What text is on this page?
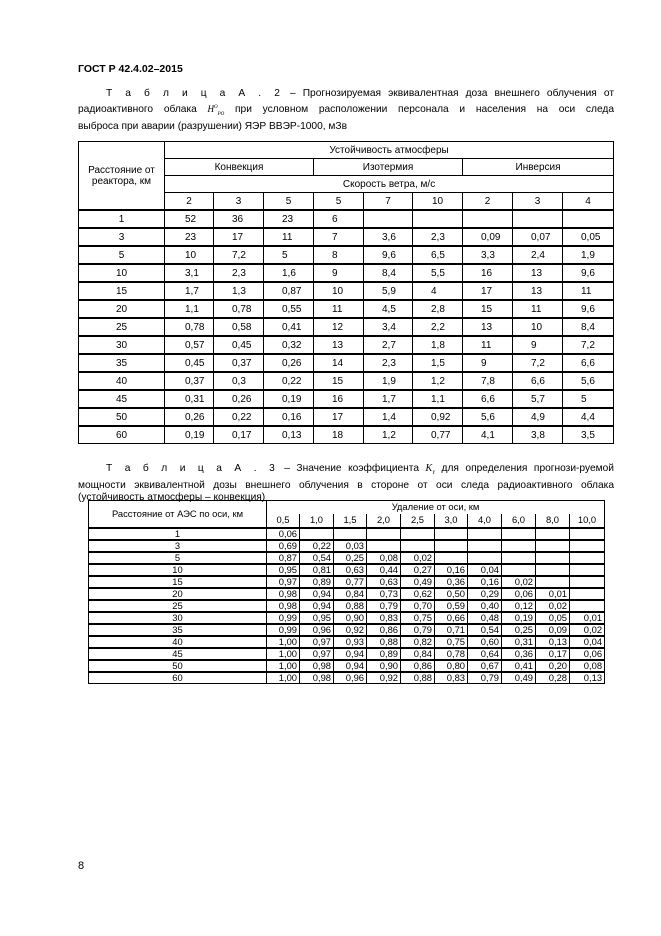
ГОСТ Р 42.4.02–2015
Т а б л и ц а А . 2 – Прогнозируемая эквивалентная доза внешнего облучения от
радиоактивного облака $H^О_{РО}$ при условном расположении персонала и населения на оси следа
выброса при аварии (разрушении) ЯЭР ВВЭР-1000, мЗв
Расстояние от реактора, км	Устойчивость атмосферы								
	Конвекция			Изотермия			Инверсия		
	Скорость ветра, м/с								
	2	3	5	5	7	10	2	3	4
1	52	36	23	6					
3	23	17	11	7	3,6	2,3	0,09	0,07	0,05
5	10	7,2	5	8	9,6	6,5	3,3	2,4	1,9
10	3,1	2,3	1,6	9	8,4	5,5	16	13	9,6
15	1,7	1,3	0,87	10	5,9	4	17	13	11
20	1,1	0,78	0,55	11	4,5	2,8	15	11	9,6
25	0,78	0,58	0,41	12	3,4	2,2	13	10	8,4
30	0,57	0,45	0,32	13	2,7	1,8	11	9	7,2
35	0,45	0,37	0,26	14	2,3	1,5	9	7,2	6,6
40	0,37	0,3	0,22	15	1,9	1,2	7,8	6,6	5,6
45	0,31	0,26	0,19	16	1,7	1,1	6,6	5,7	5
50	0,26	0,22	0,16	17	1,4	0,92	5,6	4,9	4,4
60	0,19	0,17	0,13	18	1,2	0,77	4,1	3,8	3,5
Т а б л и ц а А . 3 – Значение коэффициента $K_Y$ для определения прогнози-руемой
мощности эквивалентной дозы внешнего облучения в стороне от оси следа радиоактивного облака
(устойчивость атмосферы – конвекция)
Расстояние от АЭС по оси, км	Удаление от оси, км									
	0,5	1,0	1,5	2,0	2,5	3,0	4,0	6,0	8,0	10,0
1	0,06									
3	0,69	0,22	0,03							
5	0,87	0,54	0,25	0,08	0,02					
10	0,95	0,81	0,63	0,44	0,27	0,16	0,04			
15	0,97	0,89	0,77	0,63	0,49	0,36	0,16	0,02		
20	0,98	0,94	0,84	0,73	0,62	0,50	0,29	0,06	0,01	
25	0,98	0,94	0,88	0,79	0,70	0,59	0,40	0,12	0,02	
30	0,99	0,95	0,90	0,83	0,75	0,66	0,48	0,19	0,05	0,01
35	0,99	0,96	0,92	0,86	0,79	0,71	0,54	0,25	0,09	0,02
40	1,00	0,97	0,93	0,88	0,82	0,75	0,60	0,31	0,13	0,04
45	1,00	0,97	0,94	0,89	0,84	0,78	0,64	0,36	0,17	0,06
50	1,00	0,98	0,94	0,90	0,86	0,80	0,67	0,41	0,20	0,08
60	1,00	0,98	0,96	0,92	0,88	0,83	0,79	0,49	0,28	0,13
8
